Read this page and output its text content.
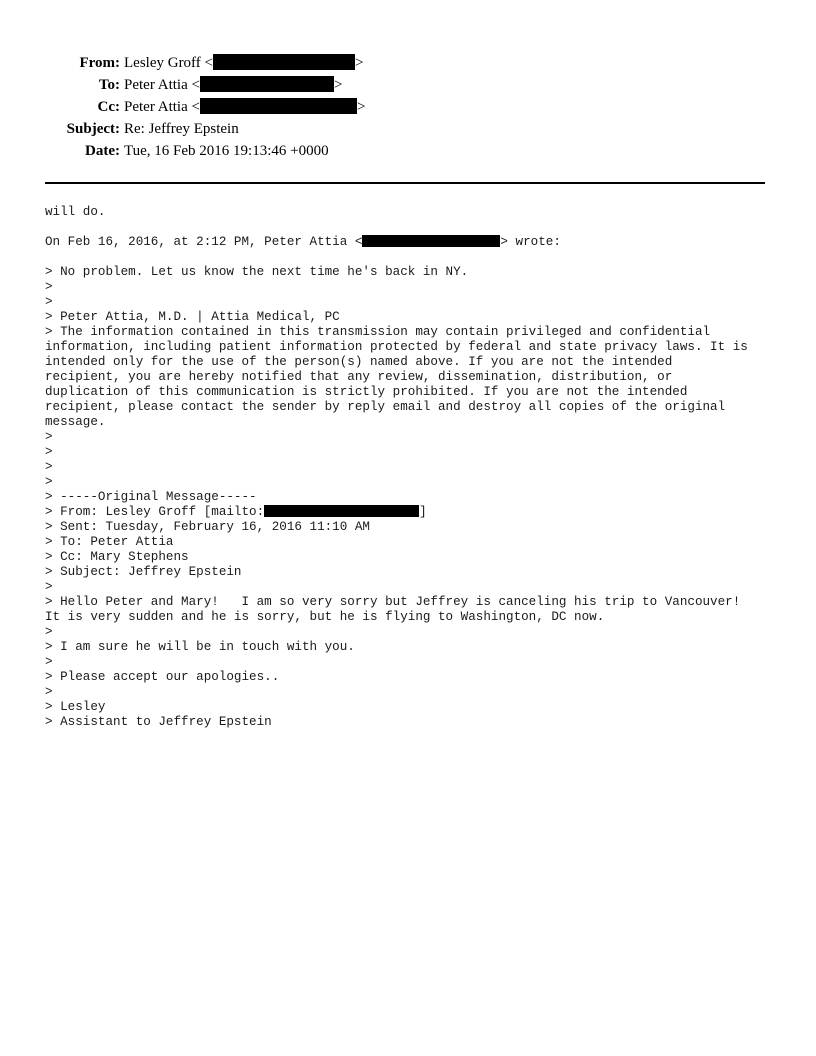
From: Lesley Groff <	>
To: Peter Attia <	>
Cc: Peter Attia <	>
Subject: Re: Jeffrey Epstein
Date: Tue, 16 Feb 2016 19:13:46 +0000
will do.
On Feb 16, 2016, at 2:12 PM, Peter Attia <	> wrote:
> No problem. Let us know the next time he's back in NY.
>
>
> Peter Attia, M.D. | Attia Medical, PC
> The information contained in this transmission may contain privileged and confidential
information, including patient information protected by federal and state privacy laws. It is
intended only for the use of the person(s) named above. If you are not the intended
recipient, you are hereby notified that any review, dissemination, distribution, or
duplication of this communication is strictly prohibited. If you are not the intended
recipient, please contact the sender by reply email and destroy all copies of the original
message.
>
>
>
>
> -----Original Message-----
> From: Lesley Groff [mailto:	]
> Sent: Tuesday, February 16, 2016 11:10 AM
> To: Peter Attia
> Cc: Mary Stephens
> Subject: Jeffrey Epstein
>
> Hello Peter and Mary!   I am so very sorry but Jeffrey is canceling his trip to Vancouver!
It is very sudden and he is sorry, but he is flying to Washington, DC now.
>
> I am sure he will be in touch with you.
>
> Please accept our apologies..
>
> Lesley
> Assistant to Jeffrey Epstein
